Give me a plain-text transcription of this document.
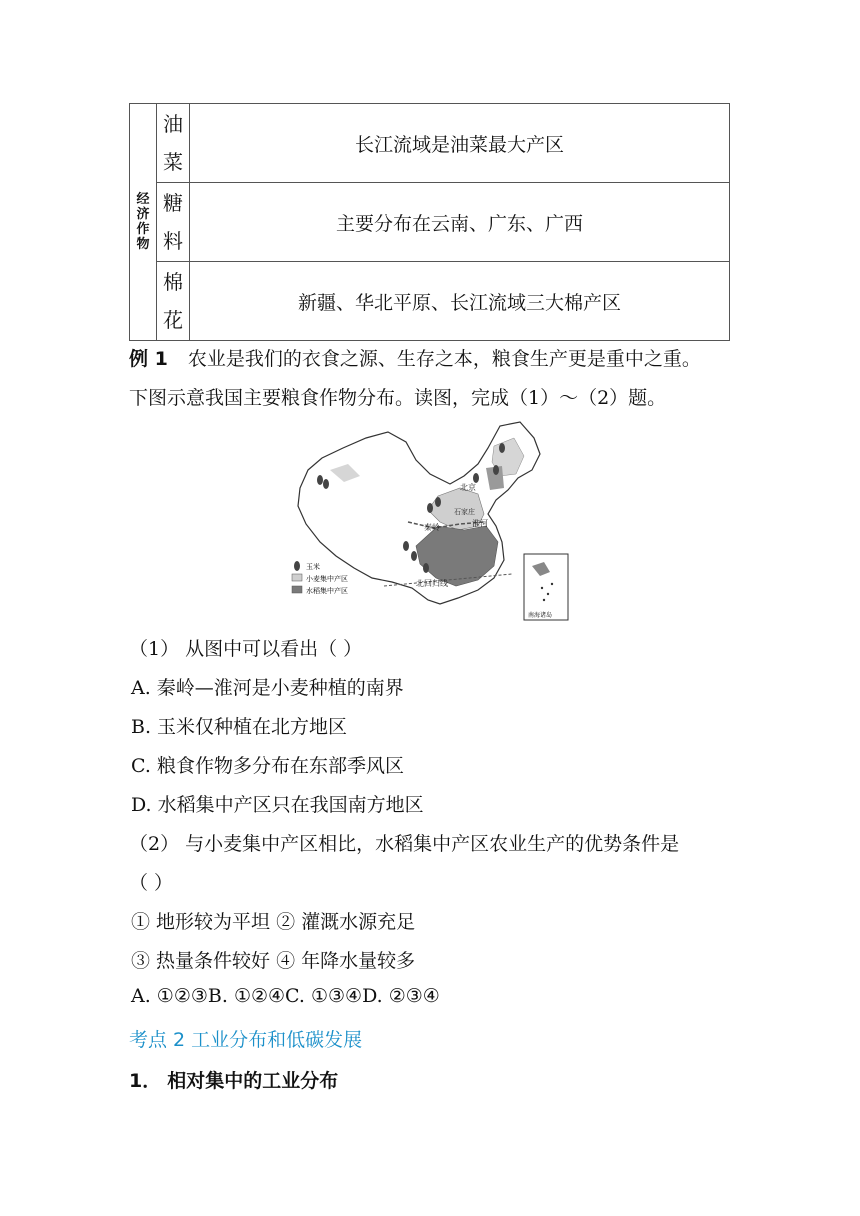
经济作物	油
菜	长江流域是油菜最大产区

	糖
料	主要分布在云南、广东、广西

	棉
花	新疆、华北平原、长江流域三大棉产区
例 1 农业是我们的衣食之源、生存之本，粮食生产更是重中之重。
下图示意我国主要粮食作物分布。读图，完成（1）～（2）题。
北京
石家庄
秦岭	淮河
北回归线
玉米
小麦集中产区
水稻集中产区
南海诸岛
（1） 从图中可以看出（ ）
A. 秦岭—淮河是小麦种植的南界
B. 玉米仅种植在北方地区
C. 粮食作物多分布在东部季风区
D. 水稻集中产区只在我国南方地区
（2） 与小麦集中产区相比，水稻集中产区农业生产的优势条件是
（ ）
① 地形较为平坦 ② 灌溉水源充足
③ 热量条件较好 ④ 年降水量较多
A. ①②③B. ①②④C. ①③④D. ②③④
考点 2 工业分布和低碳发展
1． 相对集中的工业分布
